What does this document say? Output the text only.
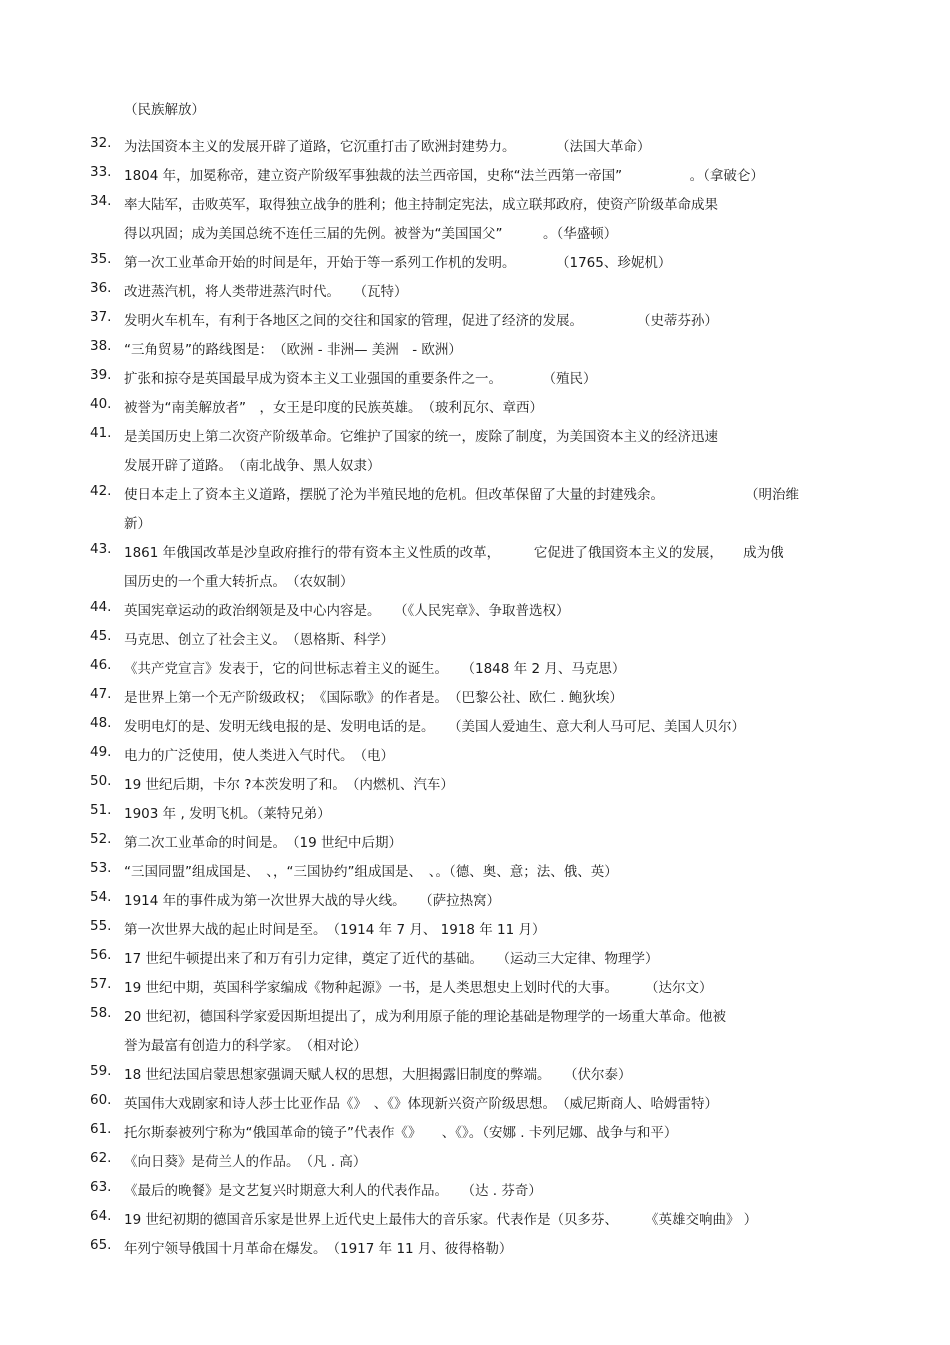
（民族解放）
32. 为法国资本主义的发展开辟了道路，它沉重打击了欧洲封建势力。　　　　（法国大革命）
33. 1804 年，加冕称帝，建立资产阶级军事独裁的法兰西帝国，史称“法兰西第一帝国”　　　　　。（拿破仑）
34. 率大陆军，击败英军，取得独立战争的胜利；他主持制定宪法，成立联邦政府，使资产阶级革命成果
得以巩固；成为美国总统不连任三届的先例。被誉为“美国国父”　　　。（华盛顿）
35. 第一次工业革命开始的时间是年，开始于等一系列工作机的发明。　　　　（1765、珍妮机）
36. 改进蒸汽机，将人类带进蒸汽时代。　　（瓦特）
37. 发明火车机车，有利于各地区之间的交往和国家的管理，促进了经济的发展。　　　　　（史蒂芬孙）
38. “三角贸易”的路线图是：　（欧洲 - 非洲— 美洲　- 欧洲）
39. 扩张和掠夺是英国最早成为资本主义工业强国的重要条件之一。　　　　（殖民）
40. 被誉为“南美解放者”　，女王是印度的民族英雄。　（玻利瓦尔、章西）
41. 是美国历史上第二次资产阶级革命。它维护了国家的统一，废除了制度，为美国资本主义的经济迅速
发展开辟了道路。　（南北战争、黑人奴隶）
42. 使日本走上了资本主义道路，摆脱了沦为半殖民地的危机。但改革保留了大量的封建残余。　　　　　　　（明治维
新）
43. 1861 年俄国改革是沙皇政府推行的带有资本主义性质的改革，　　　它促进了俄国资本主义的发展，　　成为俄
国历史的一个重大转折点。　（农奴制）
44. 英国宪章运动的政治纲领是及中心内容是。　　（《人民宪章》、争取普选权）
45. 马克思、创立了社会主义。　（恩格斯、科学）
46. 《共产党宣言》发表于，它的问世标志着主义的诞生。　　（1848 年 2 月、马克思）
47. 是世界上第一个无产阶级政权；　《国际歌》的作者是。　（巴黎公社、欧仁 . 鲍狄埃）
48. 发明电灯的是、发明无线电报的是、发明电话的是。　　（美国人爱迪生、意大利人马可尼、美国人贝尔）
49. 电力的广泛使用，使人类进入气时代。　（电）
50. 19 世纪后期，卡尔 ?本茨发明了和。　（内燃机、汽车）
51. 1903 年 , 发明飞机。（莱特兄弟）
52. 第二次工业革命的时间是。　（19 世纪中后期）
53. “三国同盟”组成国是、　、，“三国协约”组成国是、　、。（德、奥、意；法、俄、英）
54. 1914 年的事件成为第一次世界大战的导火线。　　（萨拉热窝）
55. 第一次世界大战的起止时间是至。　（1914 年 7 月、 1918 年 11 月）
56. 17 世纪牛顿提出来了和万有引力定律，奠定了近代的基础。　　（运动三大定律、物理学）
57. 19 世纪中期，英国科学家编成《物种起源》一书，是人类思想史上划时代的大事。　　　（达尔文）
58. 20 世纪初，德国科学家爱因斯坦提出了，成为利用原子能的理论基础是物理学的一场重大革命。他被
誉为最富有创造力的科学家。　（相对论）
59. 18 世纪法国启蒙思想家强调天赋人权的思想，大胆揭露旧制度的弊端。　　（伏尔泰）
60. 英国伟大戏剧家和诗人莎士比亚作品《》　、《》体现新兴资产阶级思想。　（威尼斯商人、哈姆雷特）
61. 托尔斯泰被列宁称为“俄国革命的镜子”代表作《》　　、《》。（安娜 . 卡列尼娜、战争与和平）
62. 《向日葵》是荷兰人的作品。　（凡 . 高）
63. 《最后的晚餐》是文艺复兴时期意大利人的代表作品。　　（达 . 芬奇）
64. 19 世纪初期的德国音乐家是世界上近代史上最伟大的音乐家。代表作是（贝多芬、　　　《英雄交响曲》 ）
65. 年列宁领导俄国十月革命在爆发。　（1917 年 11 月、彼得格勒）
